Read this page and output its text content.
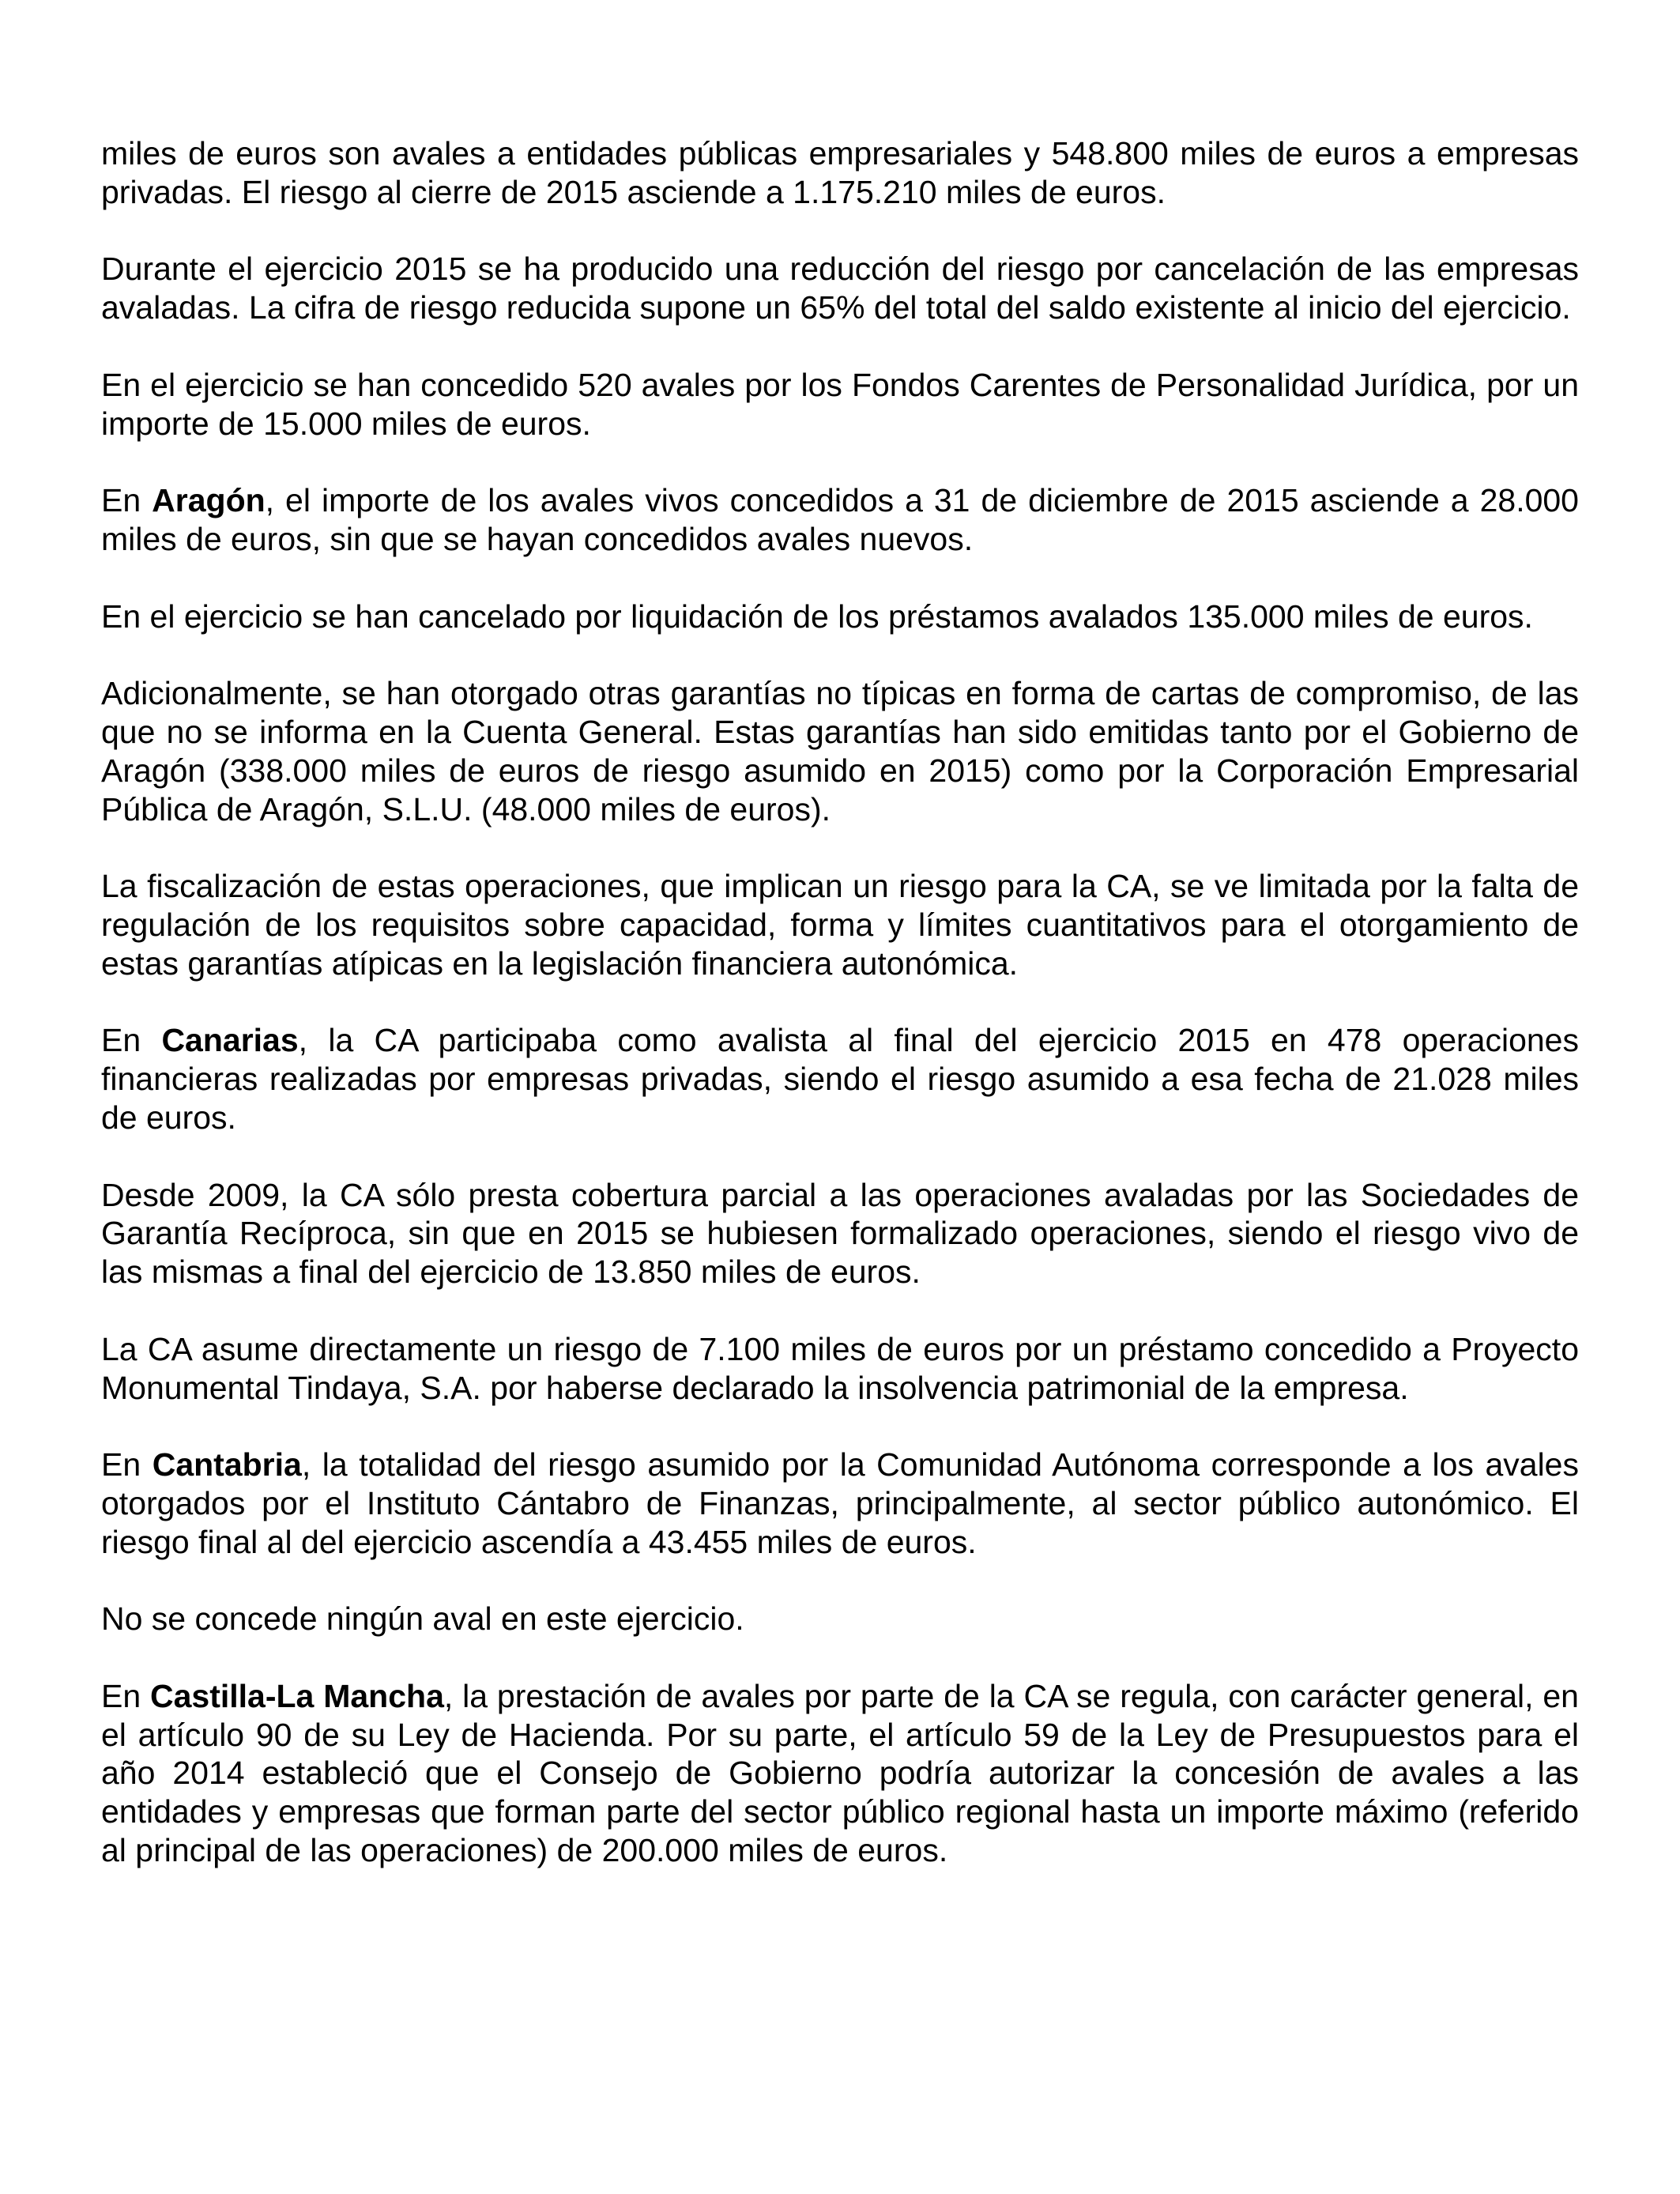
miles de euros son avales a entidades públicas empresariales y 548.800 miles de euros a empresas privadas. El riesgo al cierre de 2015 asciende a 1.175.210 miles de euros.

Durante el ejercicio 2015 se ha producido una reducción del riesgo por cancelación de las empresas avaladas. La cifra de riesgo reducida supone un 65% del total del saldo existente al inicio del ejercicio.

En el ejercicio se han concedido 520 avales por los Fondos Carentes de Personalidad Jurídica, por un importe de 15.000 miles de euros.

En Aragón, el importe de los avales vivos concedidos a 31 de diciembre de 2015 asciende a 28.000 miles de euros, sin que se hayan concedidos avales nuevos.

En el ejercicio se han cancelado por liquidación de los préstamos avalados 135.000 miles de euros.

Adicionalmente, se han otorgado otras garantías no típicas en forma de cartas de compromiso, de las que no se informa en la Cuenta General. Estas garantías han sido emitidas tanto por el Gobierno de Aragón (338.000 miles de euros de riesgo asumido en 2015) como por la Corporación Empresarial Pública de Aragón, S.L.U. (48.000 miles de euros).

La fiscalización de estas operaciones, que implican un riesgo para la CA, se ve limitada por la falta de regulación de los requisitos sobre capacidad, forma y límites cuantitativos para el otorgamiento de estas garantías atípicas en la legislación financiera autonómica.

En Canarias, la CA participaba como avalista al final del ejercicio 2015 en 478 operaciones financieras realizadas por empresas privadas, siendo el riesgo asumido a esa fecha de 21.028 miles de euros.

Desde 2009, la CA sólo presta cobertura parcial a las operaciones avaladas por las Sociedades de Garantía Recíproca, sin que en 2015 se hubiesen formalizado operaciones, siendo el riesgo vivo de las mismas a final del ejercicio de 13.850 miles de euros.

La CA asume directamente un riesgo de 7.100 miles de euros por un préstamo concedido a Proyecto Monumental Tindaya, S.A. por haberse declarado la insolvencia patrimonial de la empresa.

En Cantabria, la totalidad del riesgo asumido por la Comunidad Autónoma corresponde a los avales otorgados por el Instituto Cántabro de Finanzas, principalmente, al sector público autonómico. El riesgo final al del ejercicio ascendía a 43.455 miles de euros.

No se concede ningún aval en este ejercicio.

En Castilla-La Mancha, la prestación de avales por parte de la CA se regula, con carácter general, en el artículo 90 de su Ley de Hacienda. Por su parte, el artículo 59 de la Ley de Presupuestos para el año 2014 estableció que el Consejo de Gobierno podría autorizar la concesión de avales a las entidades y empresas que forman parte del sector público regional hasta un importe máximo (referido al principal de las operaciones) de 200.000 miles de euros.
